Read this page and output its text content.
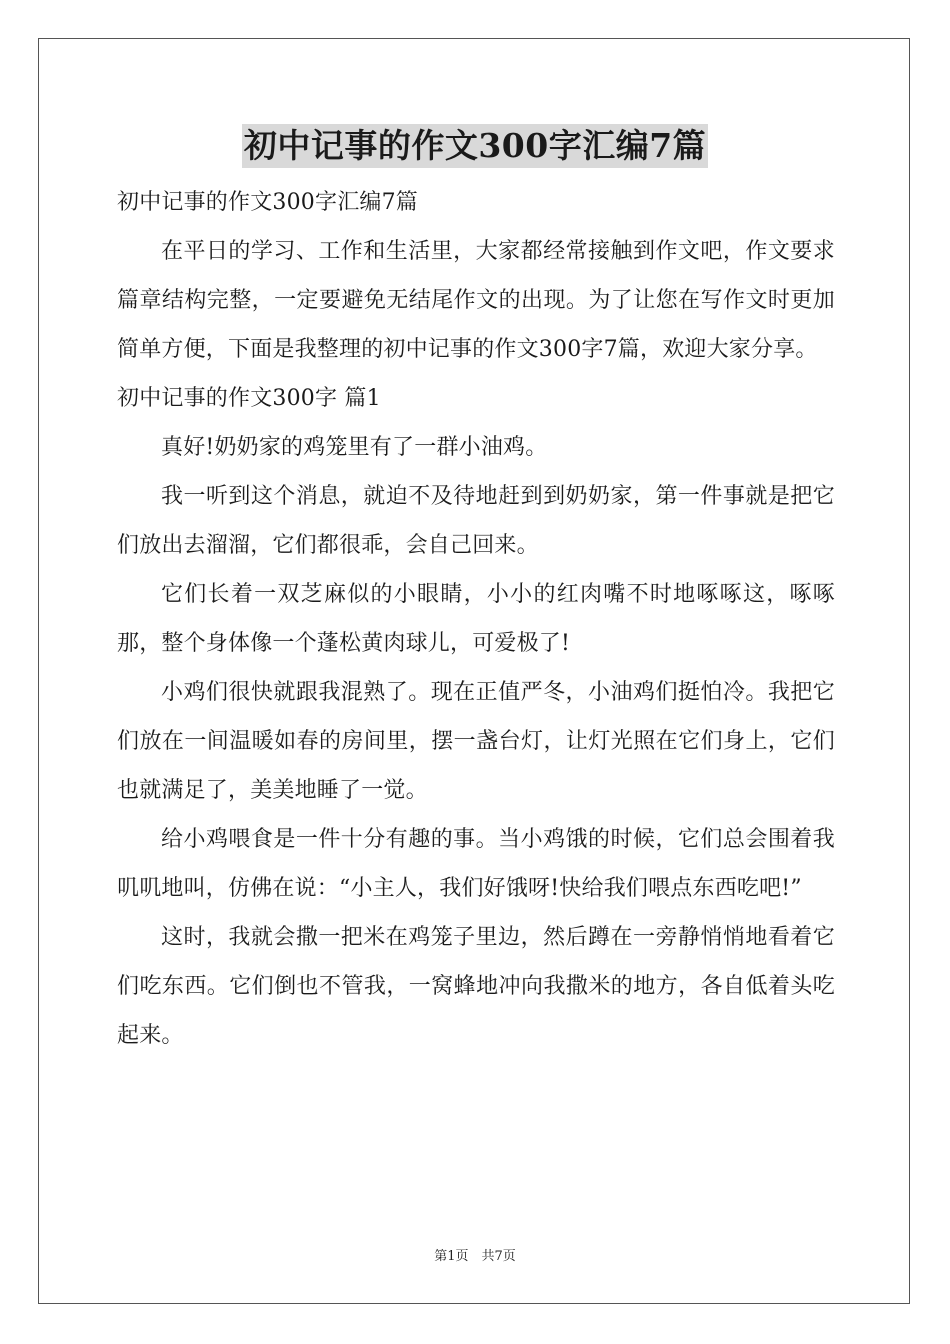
初中记事的作文300字汇编7篇
初中记事的作文300字汇编7篇

在平日的学习、工作和生活里，大家都经常接触到作文吧，作文要求篇章结构完整，一定要避免无结尾作文的出现。为了让您在写作文时更加简单方便，下面是我整理的初中记事的作文300字7篇，欢迎大家分享。

初中记事的作文300字 篇1

真好!奶奶家的鸡笼里有了一群小油鸡。

我一听到这个消息，就迫不及待地赶到到奶奶家，第一件事就是把它们放出去溜溜，它们都很乖，会自己回来。

它们长着一双芝麻似的小眼睛，小小的红肉嘴不时地啄啄这，啄啄那，整个身体像一个蓬松黄肉球儿，可爱极了!

小鸡们很快就跟我混熟了。现在正值严冬，小油鸡们挺怕冷。我把它们放在一间温暖如春的房间里，摆一盏台灯，让灯光照在它们身上，它们也就满足了，美美地睡了一觉。

给小鸡喂食是一件十分有趣的事。当小鸡饿的时候，它们总会围着我叽叽地叫，仿佛在说：“小主人，我们好饿呀!快给我们喂点东西吃吧!”

这时，我就会撒一把米在鸡笼子里边，然后蹲在一旁静悄悄地看着它们吃东西。它们倒也不管我，一窝蜂地冲向我撒米的地方，各自低着头吃起来。

第1页　共7页
